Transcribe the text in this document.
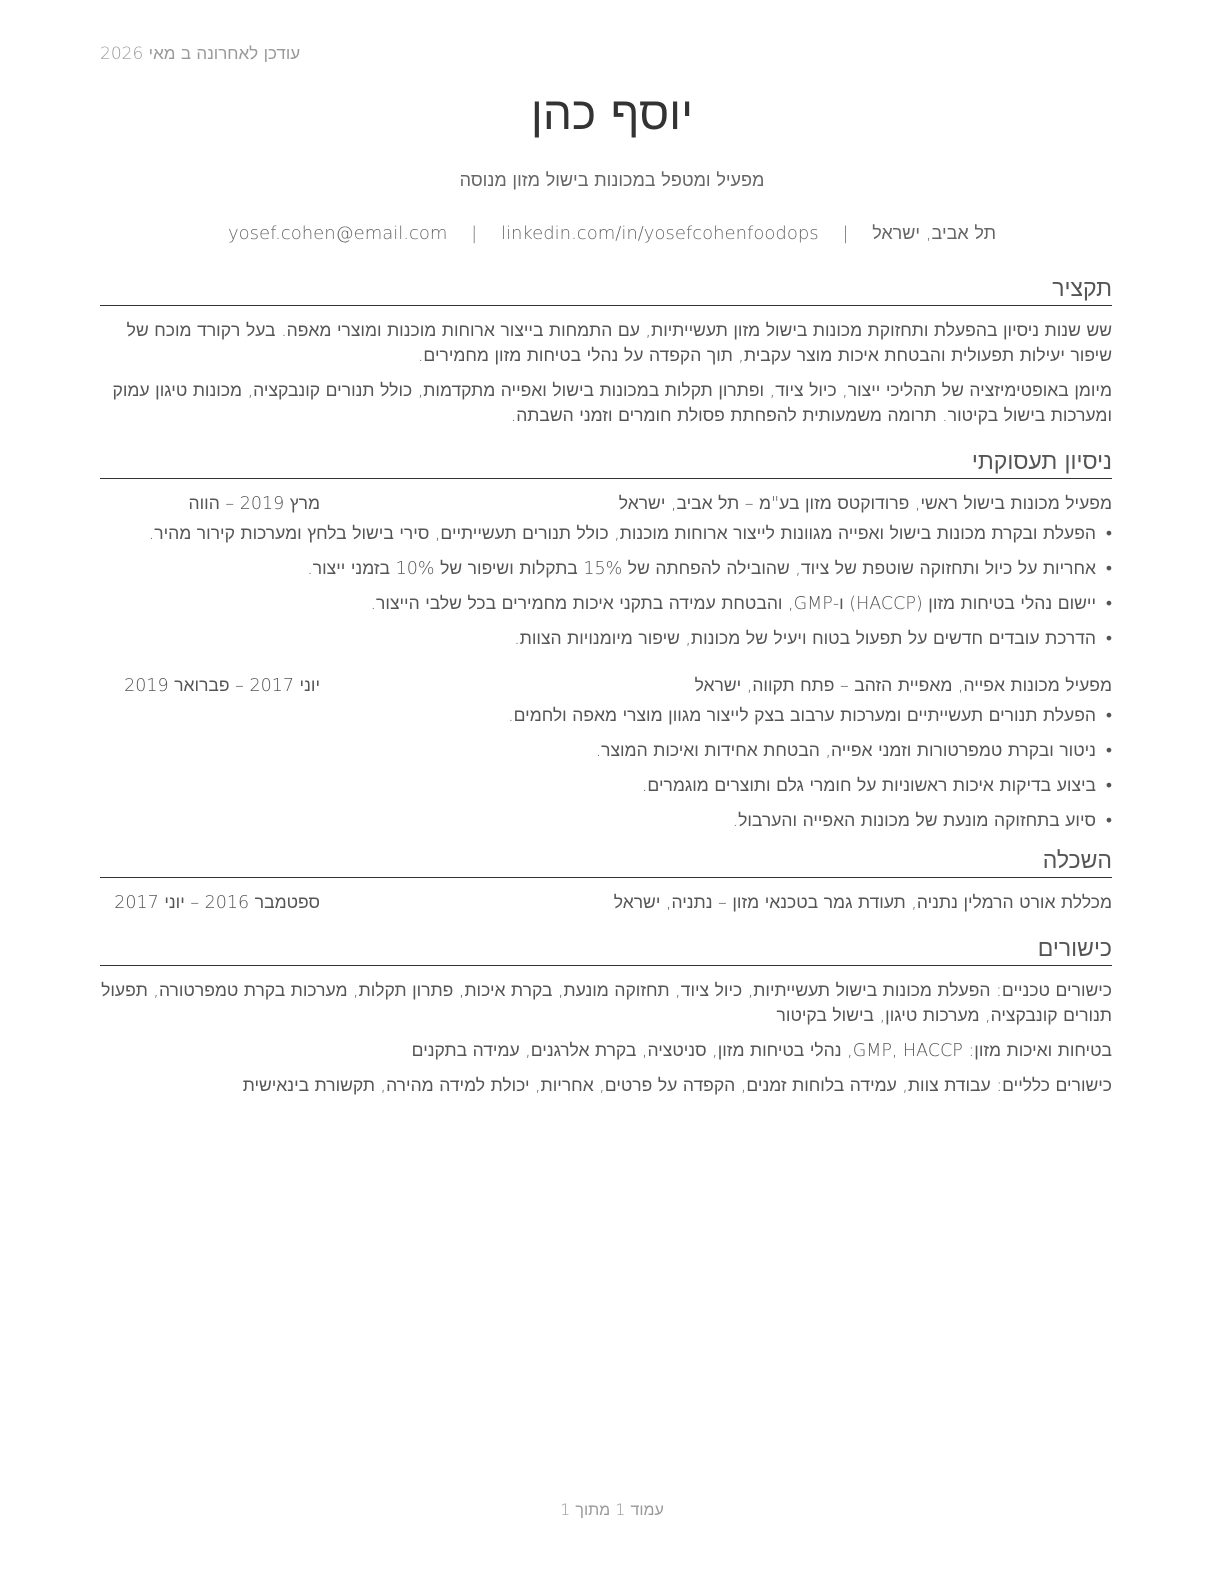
עודכן לאחרונה ב מאי 2026
יוסף כהן
מפעיל ומטפל במכונות בישול מזון מנוסה
תל אביב, ישראל | yosef.cohen@email.com | linkedin.com/in/yosefcohenfoodops
תקציר

שש שנות ניסיון בהפעלת ותחזוקת מכונות בישול מזון תעשייתיות, עם התמחות בייצור ארוחות מוכנות ומוצרי מאפה. בעל רקורד מוכח של שיפור יעילות תפעולית והבטחת איכות מוצר עקבית, תוך הקפדה על נהלי בטיחות מזון מחמירים.

מיומן באופטימיזציה של תהליכי ייצור, כיול ציוד, ופתרון תקלות במכונות בישול ואפייה מתקדמות, כולל תנורים קונבקציה, מכונות טיגון עמוק ומערכות בישול בקיטור. תרומה משמעותית להפחתת פסולת חומרים וזמני השבתה.

ניסיון תעסוקתי
מפעיל מכונות בישול ראשי, פרודוקטס מזון בע"מ – תל אביב, ישראל
מרץ 2019 – הווה
• הפעלת ובקרת מכונות בישול ואפייה מגוונות לייצור ארוחות מוכנות, כולל תנורים תעשייתיים, סירי בישול בלחץ ומערכות קירור מהיר.
• אחריות על כיול ותחזוקה שוטפת של ציוד, שהובילה להפחתה של 15% בתקלות ושיפור של 10% בזמני ייצור.
• יישום נהלי בטיחות מזון (HACCP) ו-GMP, והבטחת עמידה בתקני איכות מחמירים בכל שלבי הייצור.
• הדרכת עובדים חדשים על תפעול בטוח ויעיל של מכונות, שיפור מיומנויות הצוות.
מפעיל מכונות אפייה, מאפיית הזהב – פתח תקווה, ישראל
יוני 2017 – פברואר 2019
• הפעלת תנורים תעשייתיים ומערכות ערבוב בצק לייצור מגוון מוצרי מאפה ולחמים.
• ניטור ובקרת טמפרטורות וזמני אפייה, הבטחת אחידות ואיכות המוצר.
• ביצוע בדיקות איכות ראשוניות על חומרי גלם ותוצרים מוגמרים.
• סיוע בתחזוקה מונעת של מכונות האפייה והערבול.
השכלה
מכללת אורט הרמלין נתניה, תעודת גמר בטכנאי מזון – נתניה, ישראל
ספטמבר 2016 – יוני 2017
כישורים

כישורים טכניים: הפעלת מכונות בישול תעשייתיות, כיול ציוד, תחזוקה מונעת, בקרת איכות, פתרון תקלות, מערכות בקרת טמפרטורה, תפעול תנורים קונבקציה, מערכות טיגון, בישול בקיטור

בטיחות ואיכות מזון: GMP, HACCP, נהלי בטיחות מזון, סניטציה, בקרת אלרגנים, עמידה בתקנים

כישורים כלליים: עבודת צוות, עמידה בלוחות זמנים, הקפדה על פרטים, אחריות, יכולת למידה מהירה, תקשורת בינאישית

עמוד 1 מתוך 1
